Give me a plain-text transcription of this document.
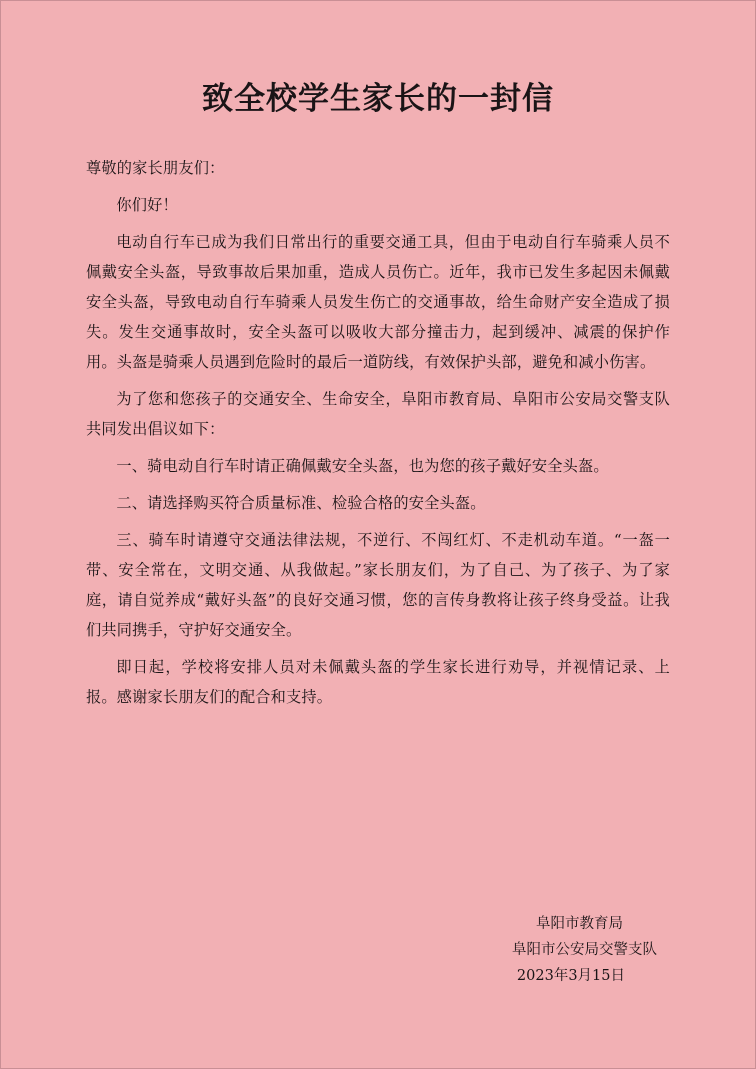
致全校学生家长的一封信

尊敬的家长朋友们：

你们好！

电动自行车已成为我们日常出行的重要交通工具，但由于电动自行车骑乘人员不佩戴安全头盔，导致事故后果加重，造成人员伤亡。近年，我市已发生多起因未佩戴安全头盔，导致电动自行车骑乘人员发生伤亡的交通事故，给生命财产安全造成了损失。发生交通事故时，安全头盔可以吸收大部分撞击力，起到缓冲、减震的保护作用。头盔是骑乘人员遇到危险时的最后一道防线，有效保护头部，避免和减小伤害。

为了您和您孩子的交通安全、生命安全，阜阳市教育局、阜阳市公安局交警支队共同发出倡议如下：

一、骑电动自行车时请正确佩戴安全头盔，也为您的孩子戴好安全头盔。

二、请选择购买符合质量标准、检验合格的安全头盔。

三、骑车时请遵守交通法律法规，不逆行、不闯红灯、不走机动车道。“一盔一带、安全常在，文明交通、从我做起。”家长朋友们，为了自己、为了孩子、为了家庭，请自觉养成“戴好头盔”的良好交通习惯，您的言传身教将让孩子终身受益。让我们共同携手，守护好交通安全。

即日起，学校将安排人员对未佩戴头盔的学生家长进行劝导，并视情记录、上报。感谢家长朋友们的配合和支持。

阜阳市教育局
阜阳市公安局交警支队
2023年3月15日
